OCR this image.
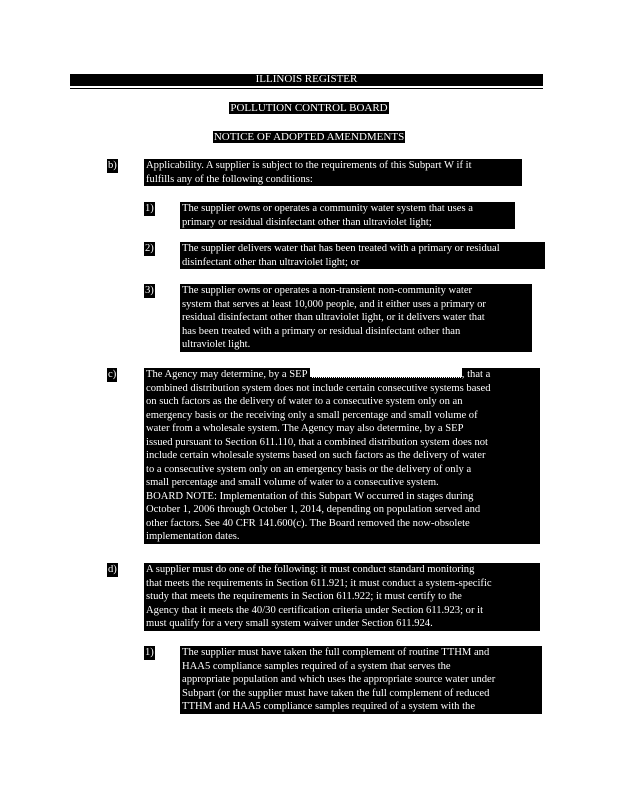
ILLINOIS REGISTER
POLLUTION CONTROL BOARD
NOTICE OF ADOPTED AMENDMENTS
b)	Applicability. A supplier is subject to the requirements of this Subpart W if it
fulfills any of the following conditions:
1)	The supplier owns or operates a community water system that uses a
primary or residual disinfectant other than ultraviolet light;
2)	The supplier delivers water that has been treated with a primary or residual
disinfectant other than ultraviolet light; or
3)	The supplier owns or operates a non-transient non-community water
system that serves at least 10,000 people, and it either uses a primary or
residual disinfectant other than ultraviolet light, or it delivers water that
has been treated with a primary or residual disinfectant other than
ultraviolet light.
c)	The Agency may determine, by a SEP	, that a
combined distribution system does not include certain consecutive systems based
on such factors as the delivery of water to a consecutive system only on an
emergency basis or the receiving only a small percentage and small volume of
water from a wholesale system. The Agency may also determine, by a SEP
issued pursuant to Section 611.110, that a combined distribution system does not
include certain wholesale systems based on such factors as the delivery of water
to a consecutive system only on an emergency basis or the delivery of only a
small percentage and small volume of water to a consecutive system.
BOARD NOTE: Implementation of this Subpart W occurred in stages during
October 1, 2006 through October 1, 2014, depending on population served and
other factors. See 40 CFR 141.600(c). The Board removed the now-obsolete
implementation dates.
d)	A supplier must do one of the following: it must conduct standard monitoring
that meets the requirements in Section 611.921; it must conduct a system-specific
study that meets the requirements in Section 611.922; it must certify to the
Agency that it meets the 40/30 certification criteria under Section 611.923; or it
must qualify for a very small system waiver under Section 611.924.
1)	The supplier must have taken the full complement of routine TTHM and
HAA5 compliance samples required of a system that serves the
appropriate population and which uses the appropriate source water under
Subpart (or the supplier must have taken the full complement of reduced
TTHM and HAA5 compliance samples required of a system with the
